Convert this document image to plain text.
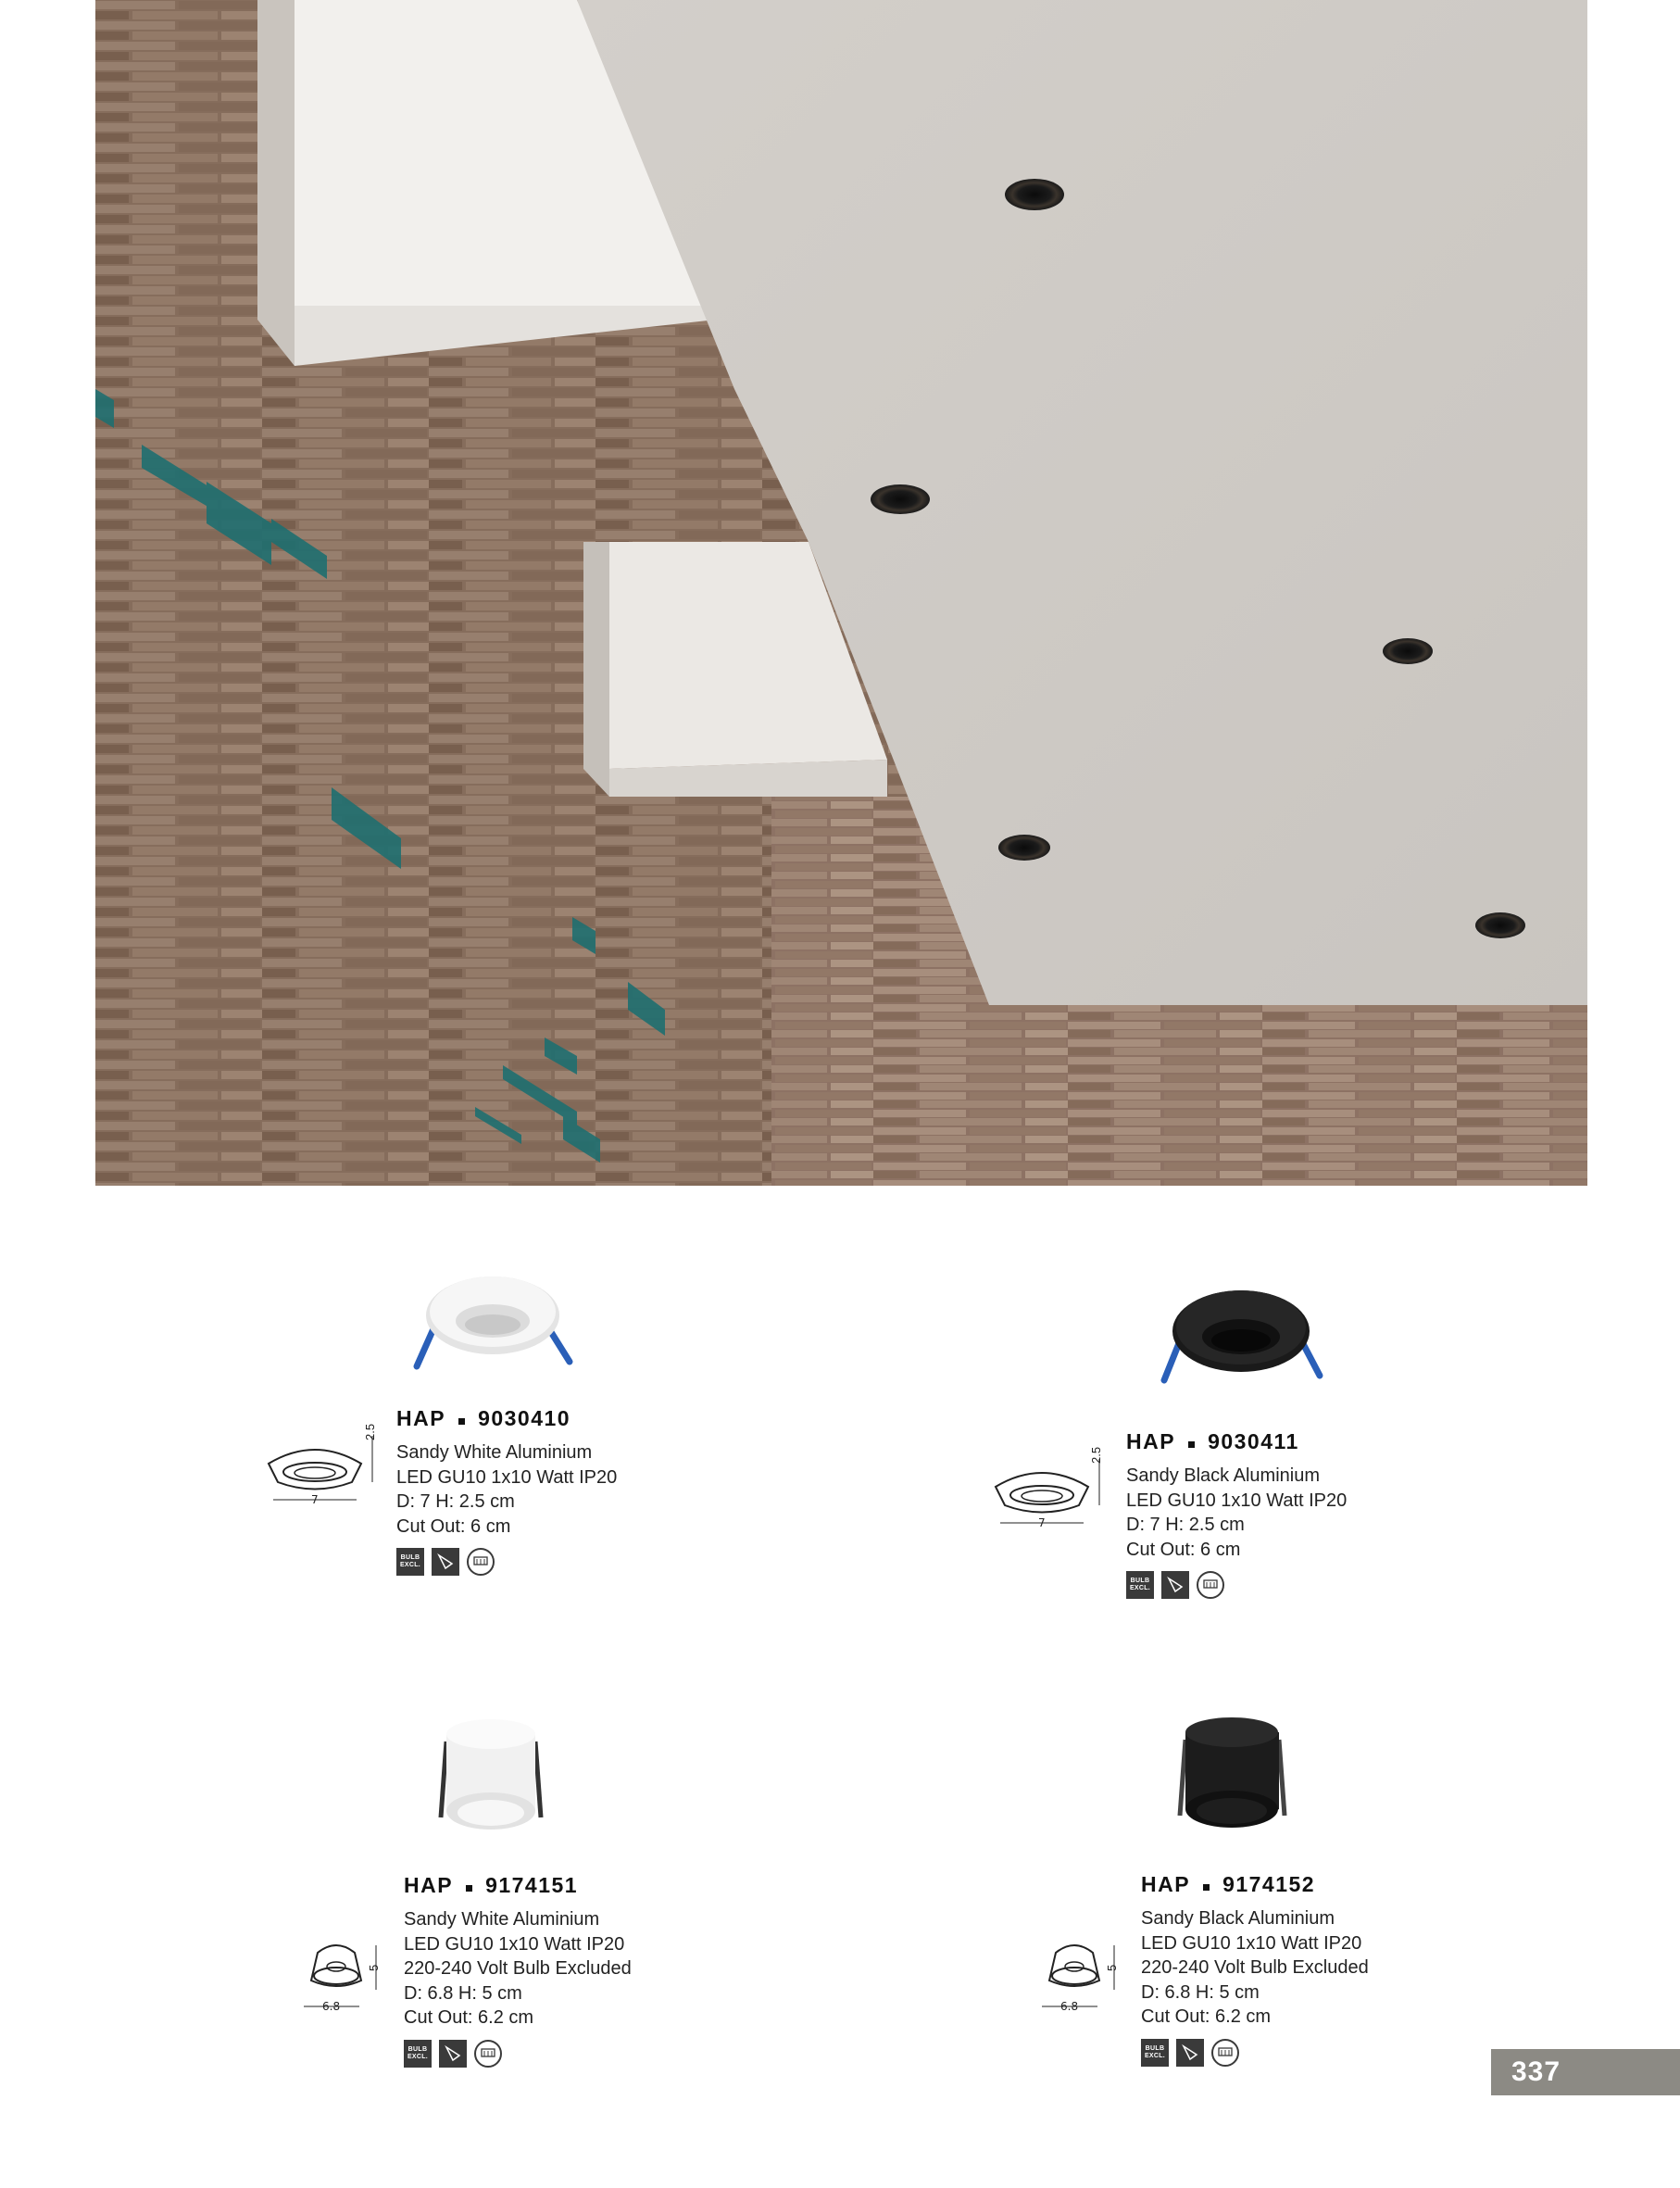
7
HAP 9030410
Sandy White Aluminium
LED GU10 1x10 Watt IP20
D: 7 H: 2.5 cm
Cut Out: 6 cm
BULB
EXCL.
7
HAP 9030411
Sandy Black Aluminium
LED GU10 1x10 Watt IP20
D: 7 H: 2.5 cm
Cut Out: 6 cm
BULB
EXCL.
6.8
HAP 9174151
Sandy White Aluminium
LED GU10 1x10 Watt IP20
220-240 Volt Bulb Excluded
D: 6.8 H: 5 cm
Cut Out: 6.2 cm
BULB
EXCL.
6.8
HAP 9174152
Sandy Black Aluminium
LED GU10 1x10 Watt IP20
220-240 Volt Bulb Excluded
D: 6.8 H: 5 cm
Cut Out: 6.2 cm
BULB
EXCL.
2.5
2.5
5	5
337
